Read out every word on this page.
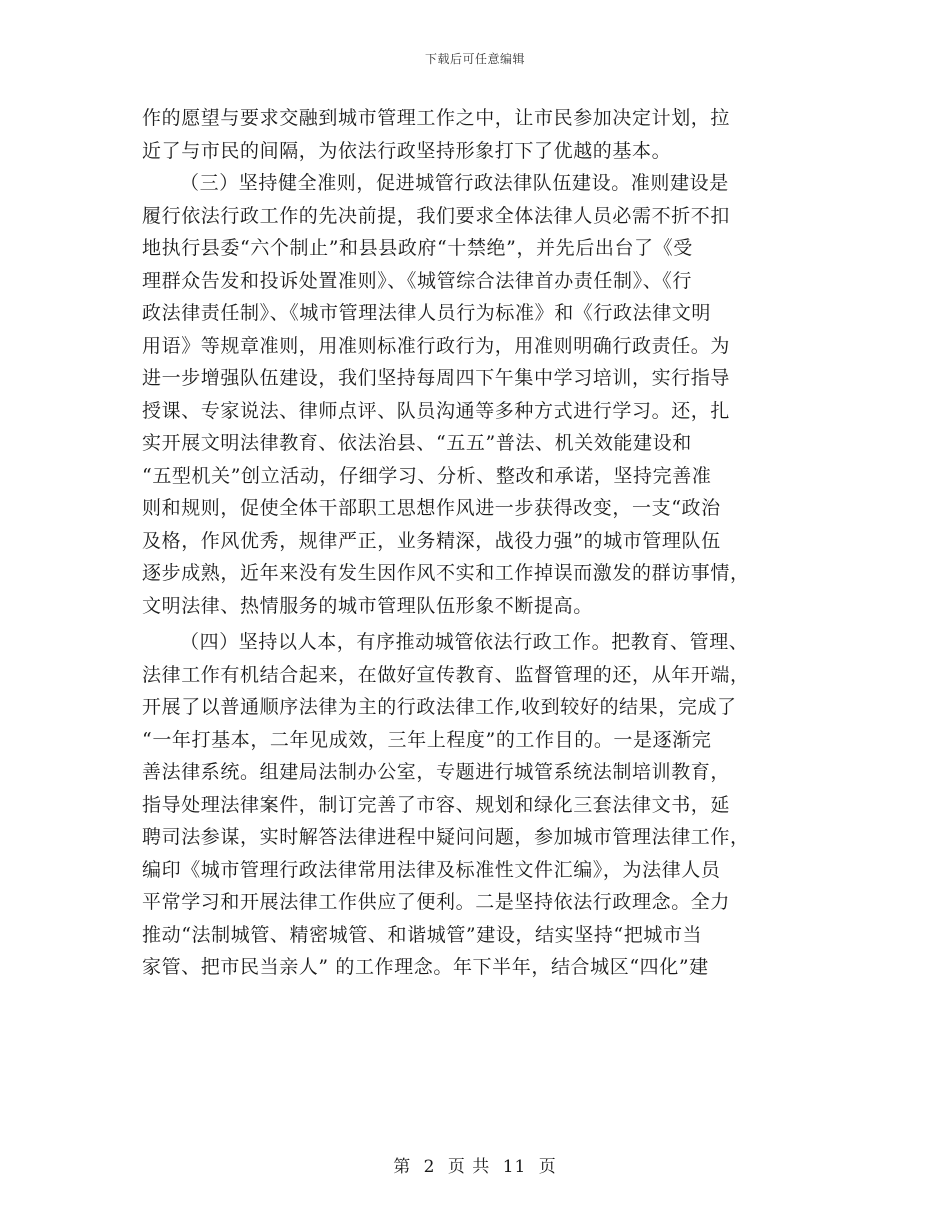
下载后可任意编辑
作的愿望与要求交融到城市管理工作之中，让市民参加决定计划，拉
近了与市民的间隔，为依法行政坚持形象打下了优越的基本。
（三）坚持健全准则，促进城管行政法律队伍建设。准则建设是
履行依法行政工作的先决前提，我们要求全体法律人员必需不折不扣
地执行县委“六个制止”和县县政府“十禁绝”，并先后出台了《受
理群众告发和投诉处置准则》、《城管综合法律首办责任制》、《行
政法律责任制》、《城市管理法律人员行为标准》和《行政法律文明
用语》等规章准则，用准则标准行政行为，用准则明确行政责任。为
进一步增强队伍建设，我们坚持每周四下午集中学习培训，实行指导
授课、专家说法、律师点评、队员沟通等多种方式进行学习。还，扎
实开展文明法律教育、依法治县、“五五”普法、机关效能建设和
“五型机关”创立活动，仔细学习、分析、整改和承诺，坚持完善准
则和规则，促使全体干部职工思想作风进一步获得改变，一支“政治
及格，作风优秀，规律严正，业务精深，战役力强”的城市管理队伍
逐步成熟，近年来没有发生因作风不实和工作掉误而激发的群访事情，
文明法律、热情服务的城市管理队伍形象不断提高。
（四）坚持以人本，有序推动城管依法行政工作。把教育、管理、
法律工作有机结合起来，在做好宣传教育、监督管理的还，从年开端，
开展了以普通顺序法律为主的行政法律工作,收到较好的结果，完成了
“一年打基本，二年见成效，三年上程度”的工作目的。一是逐渐完
善法律系统。组建局法制办公室，专题进行城管系统法制培训教育，
指导处理法律案件，制订完善了市容、规划和绿化三套法律文书，延
聘司法参谋，实时解答法律进程中疑问问题，参加城市管理法律工作，
编印《城市管理行政法律常用法律及标准性文件汇编》，为法律人员
平常学习和开展法律工作供应了便利。二是坚持依法行政理念。全力
推动“法制城管、精密城管、和谐城管”建设，结实坚持“把城市当
家管、把市民当亲人” 的工作理念。年下半年，结合城区“四化”建
第 2 页 共 11 页
